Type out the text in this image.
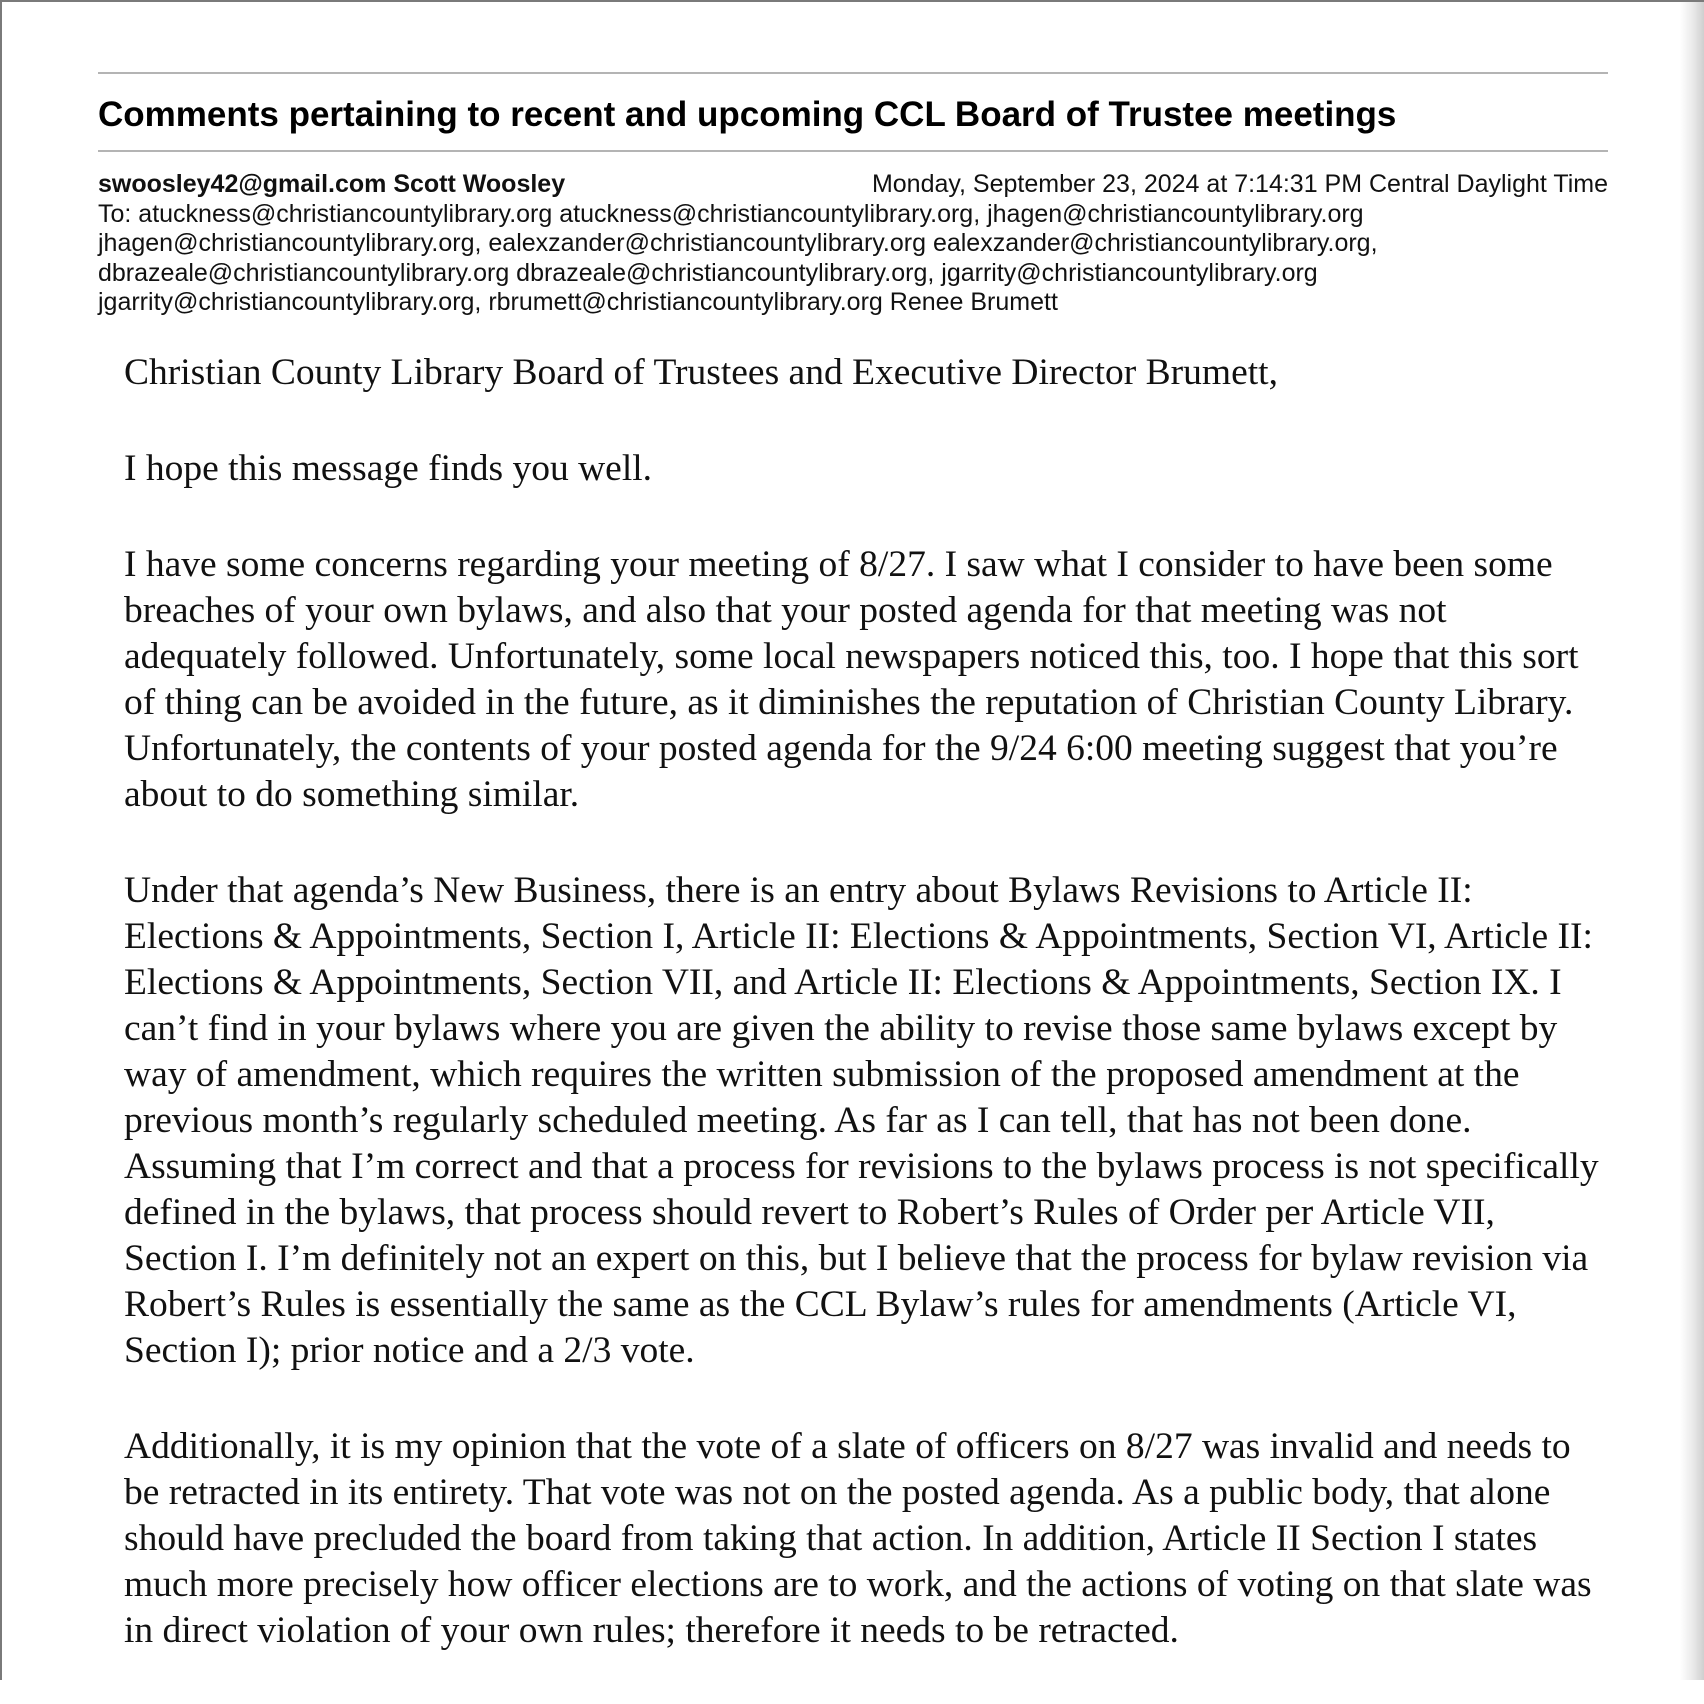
Comments pertaining to recent and upcoming CCL Board of Trustee meetings
swoosley42@gmail.com Scott Woosley	Monday, September 23, 2024 at 7:14:31 PM Central Daylight Time
To: atuckness@christiancountylibrary.org atuckness@christiancountylibrary.org, jhagen@christiancountylibrary.org jhagen@christiancountylibrary.org, ealexzander@christiancountylibrary.org ealexzander@christiancountylibrary.org, dbrazeale@christiancountylibrary.org dbrazeale@christiancountylibrary.org, jgarrity@christiancountylibrary.org jgarrity@christiancountylibrary.org, rbrumett@christiancountylibrary.org Renee Brumett

Christian County Library Board of Trustees and Executive Director Brumett,

I hope this message finds you well.

I have some concerns regarding your meeting of 8/27. I saw what I consider to have been some breaches of your own bylaws, and also that your posted agenda for that meeting was not adequately followed. Unfortunately, some local newspapers noticed this, too. I hope that this sort of thing can be avoided in the future, as it diminishes the reputation of Christian County Library. Unfortunately, the contents of your posted agenda for the 9/24 6:00 meeting suggest that you’re about to do something similar.

Under that agenda’s New Business, there is an entry about Bylaws Revisions to Article II: Elections & Appointments, Section I, Article II: Elections & Appointments, Section VI, Article II: Elections & Appointments, Section VII, and Article II: Elections & Appointments, Section IX. I can’t find in your bylaws where you are given the ability to revise those same bylaws except by way of amendment, which requires the written submission of the proposed amendment at the previous month’s regularly scheduled meeting. As far as I can tell, that has not been done. Assuming that I’m correct and that a process for revisions to the bylaws process is not specifically defined in the bylaws, that process should revert to Robert’s Rules of Order per Article VII, Section I. I’m definitely not an expert on this, but I believe that the process for bylaw revision via Robert’s Rules is essentially the same as the CCL Bylaw’s rules for amendments (Article VI, Section I); prior notice and a 2/3 vote.

Additionally, it is my opinion that the vote of a slate of officers on 8/27 was invalid and needs to be retracted in its entirety. That vote was not on the posted agenda. As a public body, that alone should have precluded the board from taking that action. In addition, Article II Section I states much more precisely how officer elections are to work, and the actions of voting on that slate was in direct violation of your own rules; therefore it needs to be retracted.
